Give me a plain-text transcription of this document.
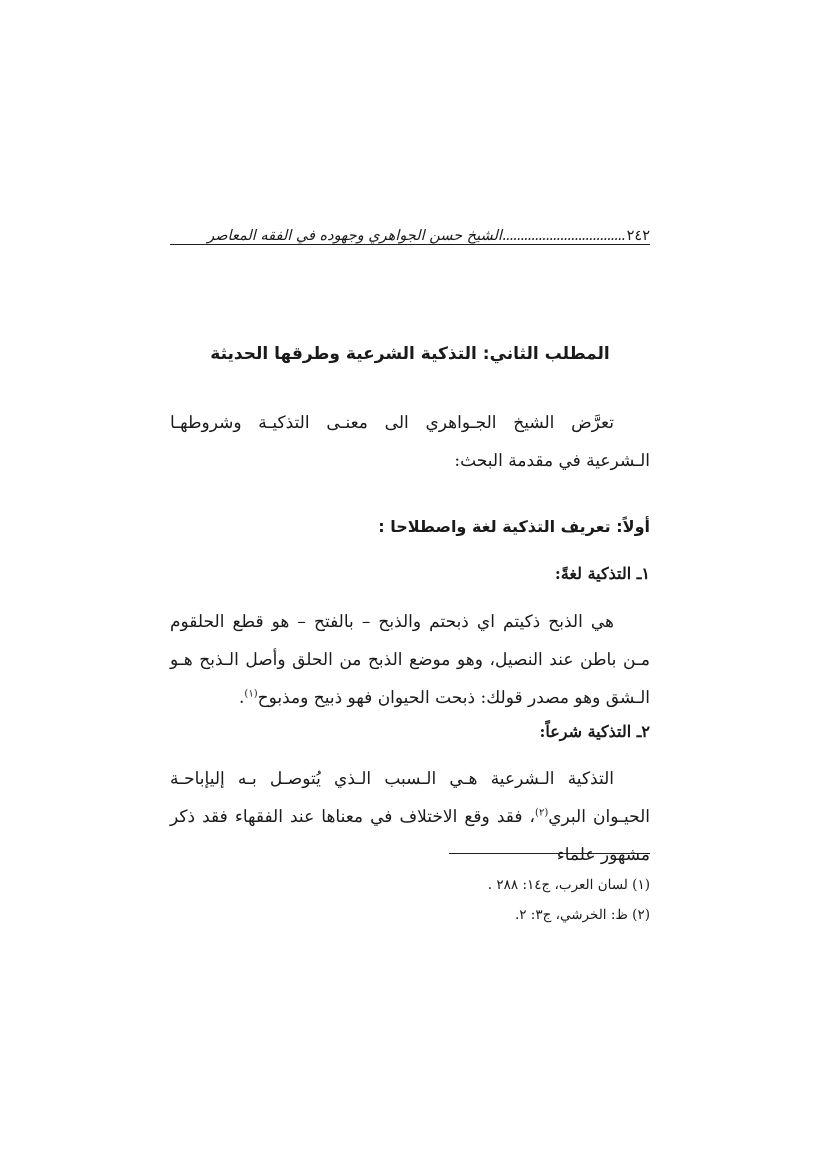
٢٤٢
..................................
الشيخ حسن الجواهري وجهوده في الفقه المعاصر
المطلب الثاني: التذكية الشرعية وطرقها الحديثة

تعرَّض الشيخ الجـواهري الى معنـى التذكيـة وشروطهـا الـشرعية في مقدمة البحث:

أولاً: تعريف التذكية لغة واصطلاحا :
١ـ التذكية لغةً:

هي الذبح ذكيتم اي ذبحتم والذبح – بالفتح – هو قطع الحلقوم مـن باطن عند النصيل، وهو موضع الذبح من الحلق وأصل الـذبح هـو الـشق وهو مصدر قولك: ذبحت الحيوان فهو ذبيح ومذبوح$^{(١)}$.

٢ـ التذكية شرعاً:

التذكية الـشرعية هـي الـسبب الـذي يُتوصـل بـه إليإباحـة الحيـوان البري$^{(٢)}$، فقد وقع الاختلاف في معناها عند الفقهاء فقد ذكر مشهور علماء

(١) لسان العرب، ج١٤: ٢٨٨ .
(٢) ظ: الخرشي، ج٣: ٢.
